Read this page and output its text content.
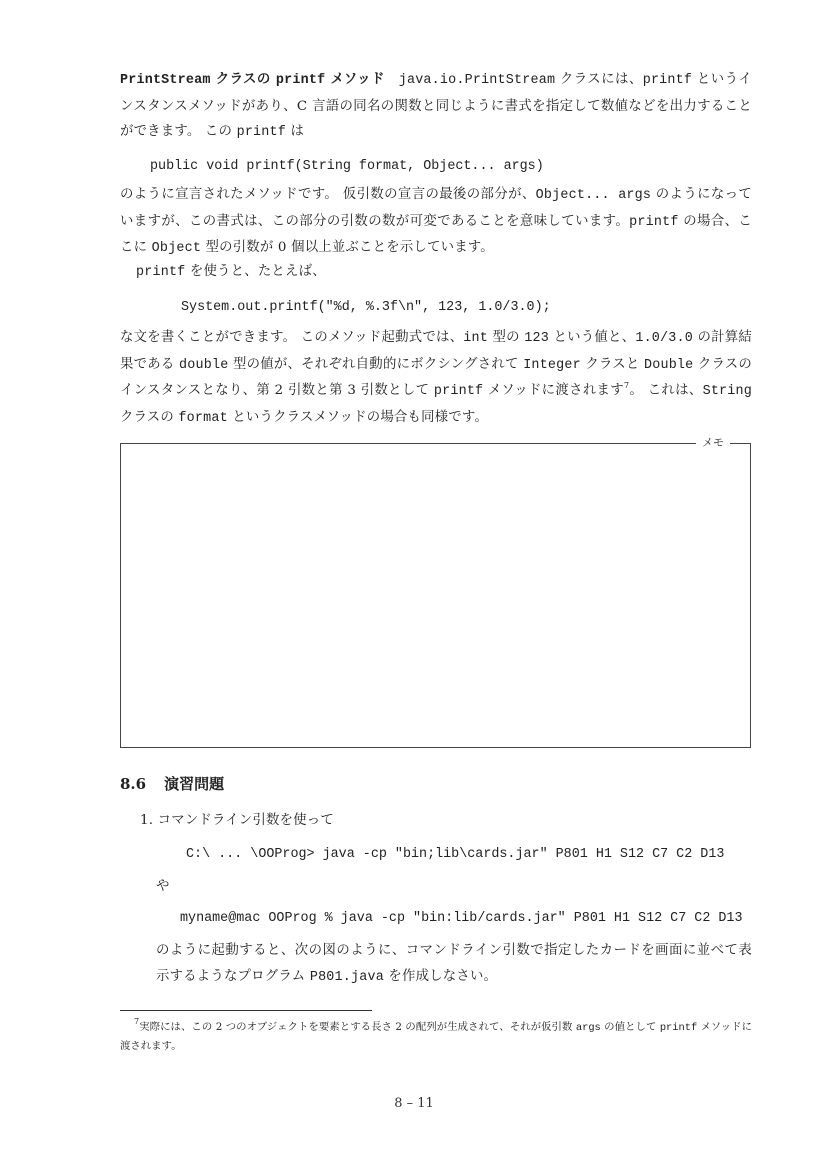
PrintStream クラスの printf メソッド　 java.io.PrintStream クラスには、printf というインスタンスメソッドがあり、C 言語の同名の関数と同じように書式を指定して数値などを出力することができます。 この printf は
public void printf(String format, Object... args)
のように宣言されたメソッドです。 仮引数の宣言の最後の部分が、Object... args のようになっていますが、この書式は、この部分の引数の数が可変であることを意味しています。printf の場合、ここに Object 型の引数が 0 個以上並ぶことを示しています。
printf を使うと、たとえば、
System.out.printf("%d, %.3f\n", 123, 1.0/3.0);
な文を書くことができます。 このメソッド起動式では、int 型の 123 という値と、1.0/3.0 の計算結果である double 型の値が、それぞれ自動的にボクシングされて Integer クラスと Double クラスのインスタンスとなり、第 2 引数と第 3 引数として printf メソッドに渡されます$^7$。 これは、String クラスの format というクラスメソッドの場合も同様です。
メモ
8.6 演習問題
1. コマンドライン引数を使って
C:\ ... \OOProg> java -cp "bin;lib\cards.jar" P801 H1 S12 C7 C2 D13
や
myname@mac OOProg % java -cp "bin:lib/cards.jar" P801 H1 S12 C7 C2 D13
のように起動すると、次の図のように、コマンドライン引数で指定したカードを画面に並べて表示するようなプログラム P801.java を作成しなさい。
$^7$実際には、この 2 つのオブジェクトを要素とする長さ 2 の配列が生成されて、それが仮引数 args の値として printf メソッドに渡されます。
8 – 11
